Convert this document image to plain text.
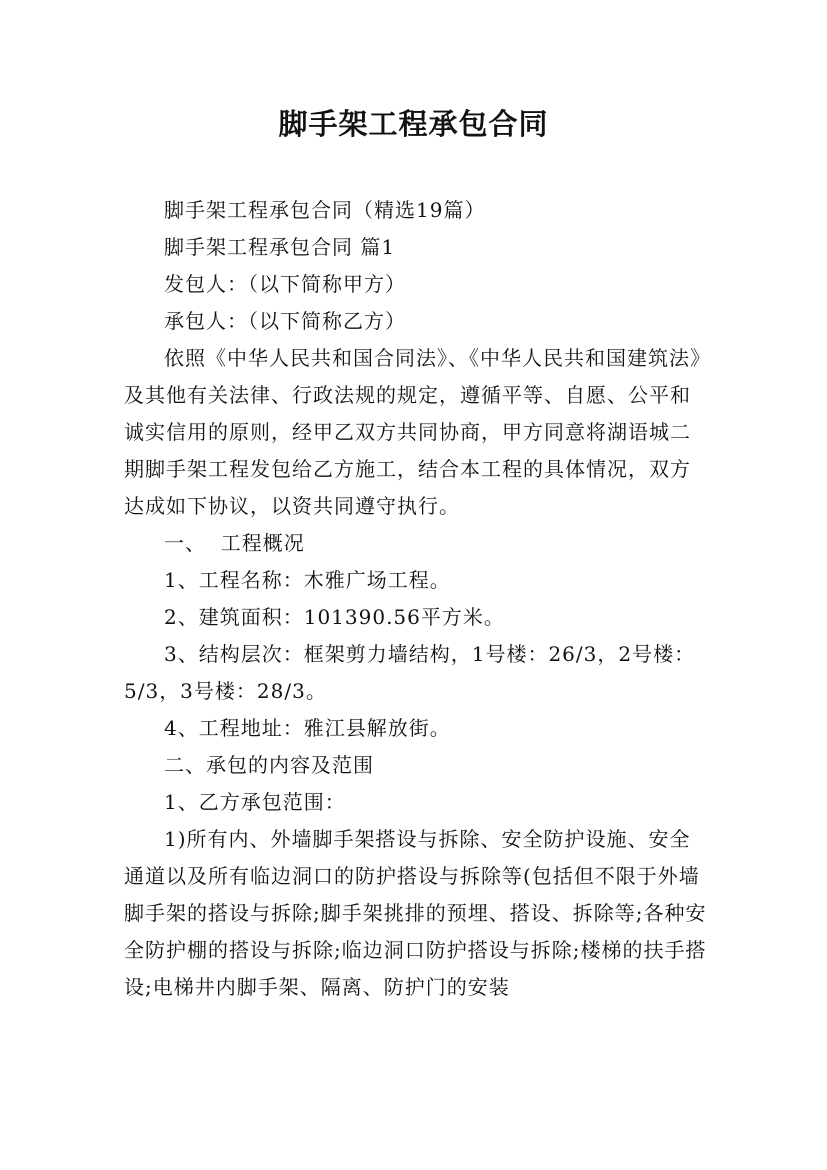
脚手架工程承包合同

脚手架工程承包合同（精选19篇）

脚手架工程承包合同 篇1

发包人：（以下简称甲方）

承包人：（以下简称乙方）

依照《中华人民共和国合同法》、《中华人民共和国建筑法》及其他有关法律、行政法规的规定，遵循平等、自愿、公平和诚实信用的原则，经甲乙双方共同协商，甲方同意将湖语城二期脚手架工程发包给乙方施工，结合本工程的具体情况，双方达成如下协议，以资共同遵守执行。

一、  工程概况

1、工程名称：木雅广场工程。

2、建筑面积：101390.56平方米。

3、结构层次：框架剪力墙结构，1号楼：26/3，2号楼：5/3，3号楼：28/3。

4、工程地址：雅江县解放街。

二、承包的内容及范围

1、乙方承包范围：

1)所有内、外墙脚手架搭设与拆除、安全防护设施、安全通道以及所有临边洞口的防护搭设与拆除等(包括但不限于外墙脚手架的搭设与拆除;脚手架挑排的预埋、搭设、拆除等;各种安全防护棚的搭设与拆除;临边洞口防护搭设与拆除;楼梯的扶手搭设;电梯井内脚手架、隔离、防护门的安装
